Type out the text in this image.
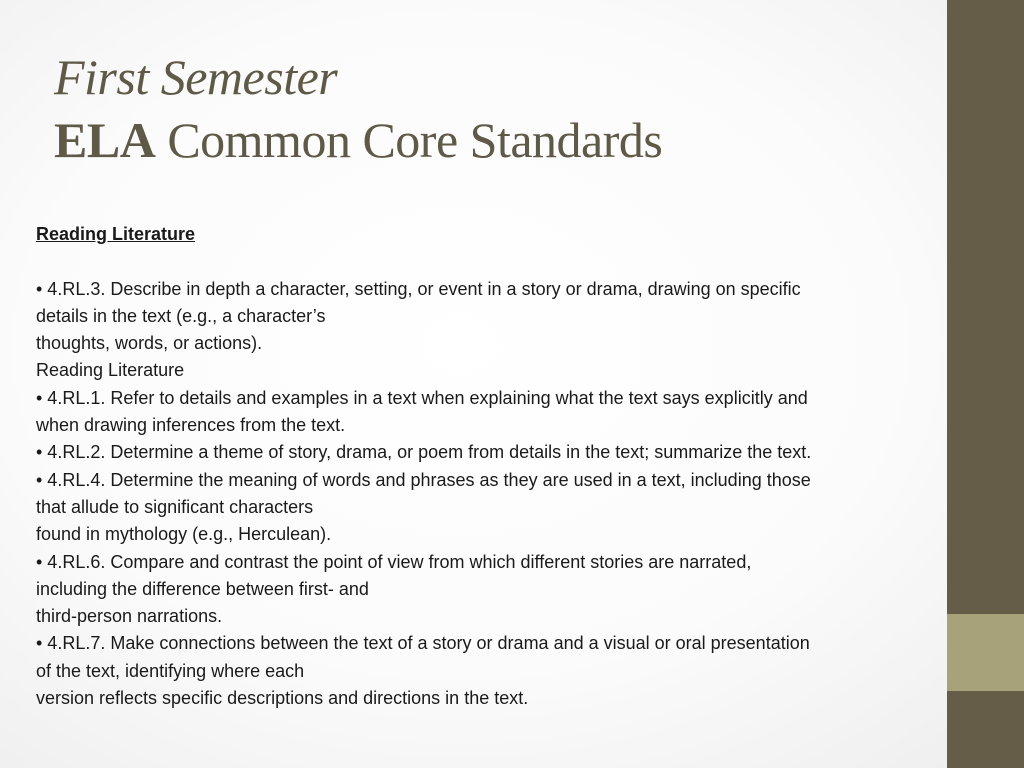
First Semester
ELA Common Core Standards

Reading Literature

• 4.RL.3. Describe in depth a character, setting, or event in a story or drama, drawing on specific

details in the text (e.g., a character’s

thoughts, words, or actions).

Reading Literature

• 4.RL.1. Refer to details and examples in a text when explaining what the text says explicitly and

when drawing inferences from the text.

• 4.RL.2. Determine a theme of story, drama, or poem from details in the text; summarize the text.

• 4.RL.4. Determine the meaning of words and phrases as they are used in a text, including those

that allude to significant characters

found in mythology (e.g., Herculean).

• 4.RL.6. Compare and contrast the point of view from which different stories are narrated,

including the difference between first- and

third-person narrations.

• 4.RL.7. Make connections between the text of a story or drama and a visual or oral presentation

of the text, identifying where each

version reflects specific descriptions and directions in the text.
